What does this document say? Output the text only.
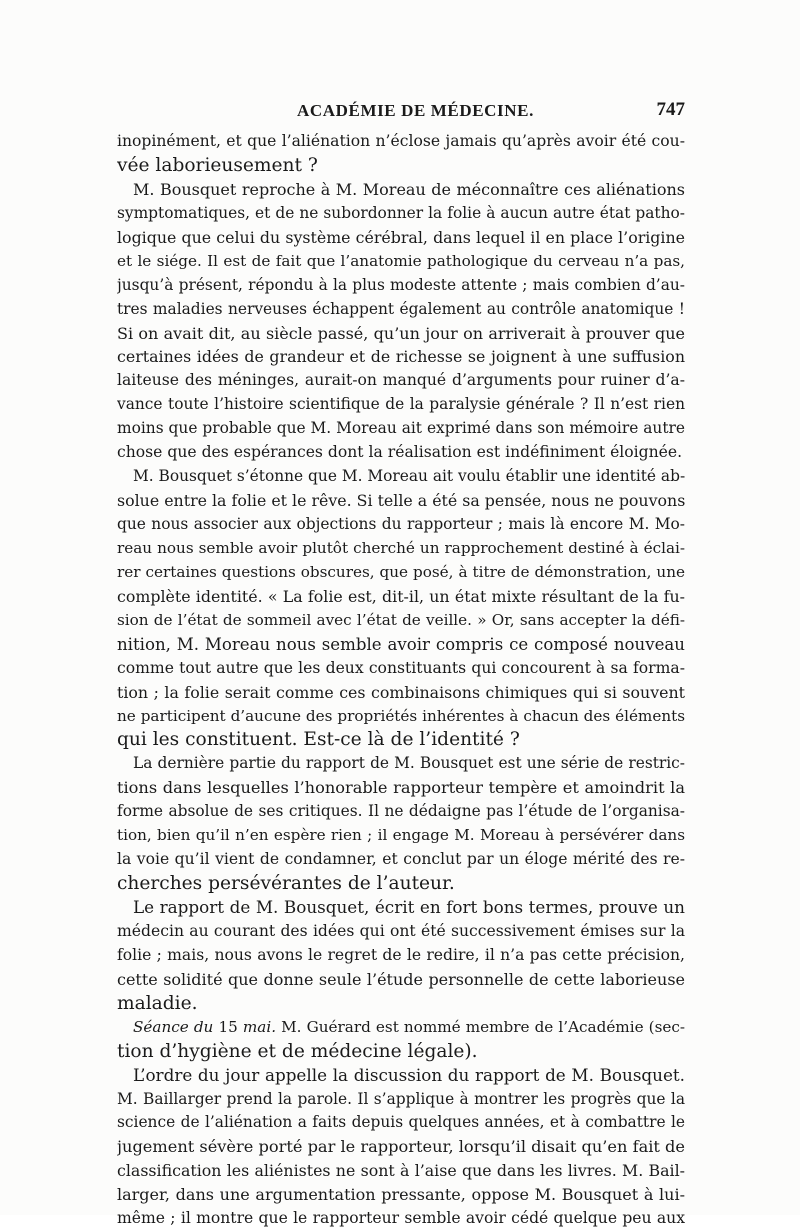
ACADÉMIE DE MÉDECINE.	747
inopinément, et que l’aliénation n’éclose jamais qu’après avoir été cou-
vée laborieusement ?
M. Bousquet reproche à M. Moreau de méconnaître ces aliénations
symptomatiques, et de ne subordonner la folie à aucun autre état patho-
logique que celui du système cérébral, dans lequel il en place l’origine
et le siége. Il est de fait que l’anatomie pathologique du cerveau n’a pas,
jusqu’à présent, répondu à la plus modeste attente ; mais combien d’au-
tres maladies nerveuses échappent également au contrôle anatomique !
Si on avait dit, au siècle passé, qu’un jour on arriverait à prouver que
certaines idées de grandeur et de richesse se joignent à une suffusion
laiteuse des méninges, aurait-on manqué d’arguments pour ruiner d’a-
vance toute l’histoire scientifique de la paralysie générale ? Il n’est rien
moins que probable que M. Moreau ait exprimé dans son mémoire autre
chose que des espérances dont la réalisation est indéfiniment éloignée.
M. Bousquet s’étonne que M. Moreau ait voulu établir une identité ab-
solue entre la folie et le rêve. Si telle a été sa pensée, nous ne pouvons
que nous associer aux objections du rapporteur ; mais là encore M. Mo-
reau nous semble avoir plutôt cherché un rapprochement destiné à éclai-
rer certaines questions obscures, que posé, à titre de démonstration, une
complète identité. « La folie est, dit-il, un état mixte résultant de la fu-
sion de l’état de sommeil avec l’état de veille. » Or, sans accepter la défi-
nition, M. Moreau nous semble avoir compris ce composé nouveau
comme tout autre que les deux constituants qui concourent à sa forma-
tion ; la folie serait comme ces combinaisons chimiques qui si souvent
ne participent d’aucune des propriétés inhérentes à chacun des éléments
qui les constituent. Est-ce là de l’identité ?
La dernière partie du rapport de M. Bousquet est une série de restric-
tions dans lesquelles l’honorable rapporteur tempère et amoindrit la
forme absolue de ses critiques. Il ne dédaigne pas l’étude de l’organisa-
tion, bien qu’il n’en espère rien ; il engage M. Moreau à persévérer dans
la voie qu’il vient de condamner, et conclut par un éloge mérité des re-
cherches persévérantes de l’auteur.
Le rapport de M. Bousquet, écrit en fort bons termes, prouve un
médecin au courant des idées qui ont été successivement émises sur la
folie ; mais, nous avons le regret de le redire, il n’a pas cette précision,
cette solidité que donne seule l’étude personnelle de cette laborieuse
maladie.
Séance du 15 mai. M. Guérard est nommé membre de l’Académie (sec-
tion d’hygiène et de médecine légale).
L’ordre du jour appelle la discussion du rapport de M. Bousquet.
M. Baillarger prend la parole. Il s’applique à montrer les progrès que la
science de l’aliénation a faits depuis quelques années, et à combattre le
jugement sévère porté par le rapporteur, lorsqu’il disait qu’en fait de
classification les aliénistes ne sont à l’aise que dans les livres. M. Bail-
larger, dans une argumentation pressante, oppose M. Bousquet à lui-
même ; il montre que le rapporteur semble avoir cédé quelque peu aux
